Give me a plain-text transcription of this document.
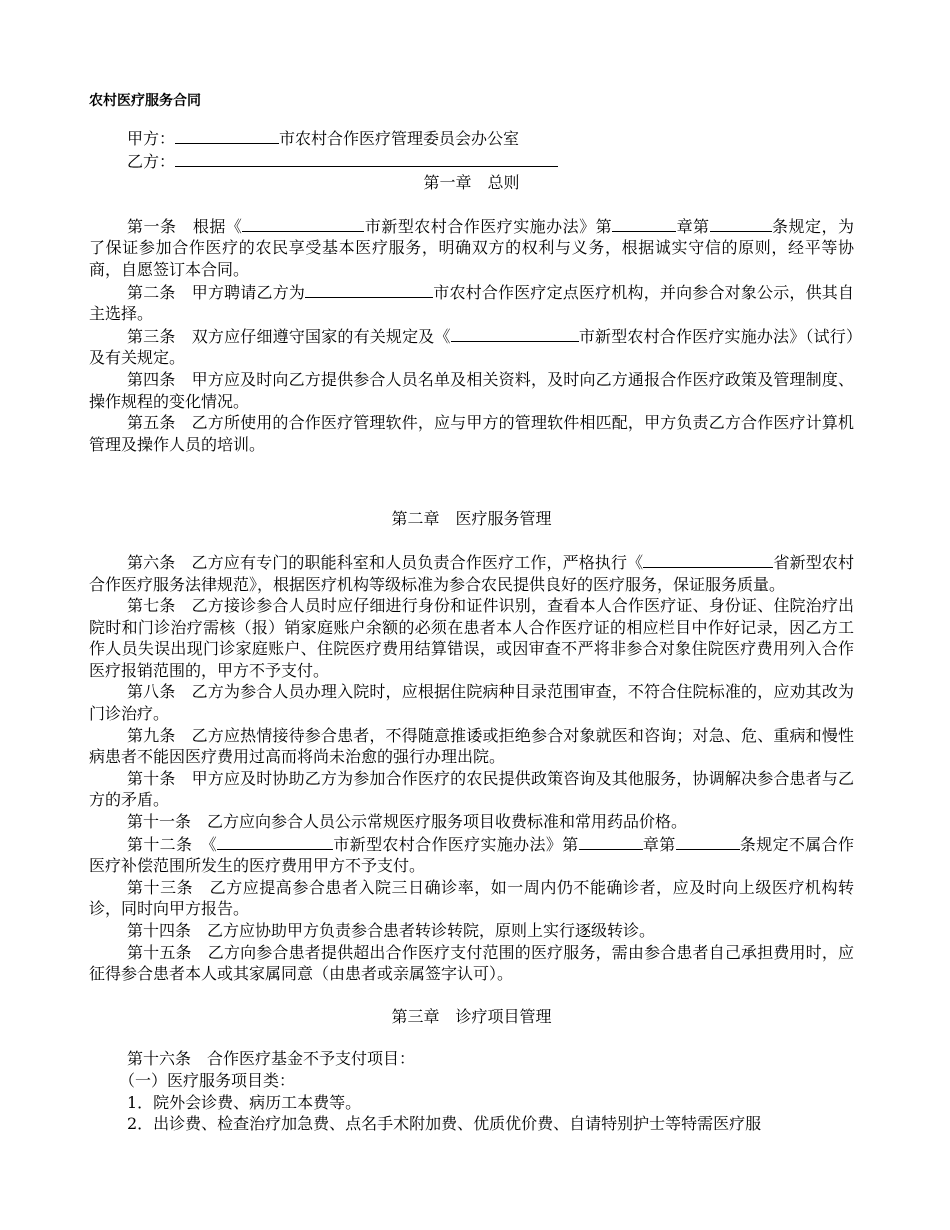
农村医疗服务合同
甲方：	市农村合作医疗管理委员会办公室
乙方：
第一章　总则

第一条　根据《	市新型农村合作医疗实施办法》第	章第	条规定，为了保证参加合作医疗的农民享受基本医疗服务，明确双方的权利与义务，根据诚实守信的原则，经平等协商，自愿签订本合同。

第二条　甲方聘请乙方为	市农村合作医疗定点医疗机构，并向参合对象公示，供其自主选择。

第三条　双方应仔细遵守国家的有关规定及《	市新型农村合作医疗实施办法》（试行）及有关规定。

第四条　甲方应及时向乙方提供参合人员名单及相关资料，及时向乙方通报合作医疗政策及管理制度、操作规程的变化情况。

第五条　乙方所使用的合作医疗管理软件，应与甲方的管理软件相匹配，甲方负责乙方合作医疗计算机管理及操作人员的培训。

第二章　医疗服务管理

第六条　乙方应有专门的职能科室和人员负责合作医疗工作，严格执行《	省新型农村合作医疗服务法律规范》，根据医疗机构等级标准为参合农民提供良好的医疗服务，保证服务质量。

第七条　乙方接诊参合人员时应仔细进行身份和证件识别，查看本人合作医疗证、身份证、住院治疗出院时和门诊治疗需核（报）销家庭账户余额的必须在患者本人合作医疗证的相应栏目中作好记录，因乙方工作人员失误出现门诊家庭账户、住院医疗费用结算错误，或因审查不严将非参合对象住院医疗费用列入合作医疗报销范围的，甲方不予支付。

第八条　乙方为参合人员办理入院时，应根据住院病种目录范围审查，不符合住院标准的，应劝其改为门诊治疗。

第九条　乙方应热情接待参合患者，不得随意推诿或拒绝参合对象就医和咨询；对急、危、重病和慢性病患者不能因医疗费用过高而将尚未治愈的强行办理出院。

第十条　甲方应及时协助乙方为参加合作医疗的农民提供政策咨询及其他服务，协调解决参合患者与乙方的矛盾。

第十一条　乙方应向参合人员公示常规医疗服务项目收费标准和常用药品价格。

第十二条　《	市新型农村合作医疗实施办法》第	章第	条规定不属合作医疗补偿范围所发生的医疗费用甲方不予支付。

第十三条　乙方应提高参合患者入院三日确诊率，如一周内仍不能确诊者，应及时向上级医疗机构转诊，同时向甲方报告。

第十四条　乙方应协助甲方负责参合患者转诊转院，原则上实行逐级转诊。

第十五条　乙方向参合患者提供超出合作医疗支付范围的医疗服务，需由参合患者自己承担费用时，应征得参合患者本人或其家属同意（由患者或亲属签字认可）。

第三章　诊疗项目管理

第十六条　合作医疗基金不予支付项目：

（一）医疗服务项目类：

1．院外会诊费、病历工本费等。

2．出诊费、检查治疗加急费、点名手术附加费、优质优价费、自请特别护士等特需医疗服
